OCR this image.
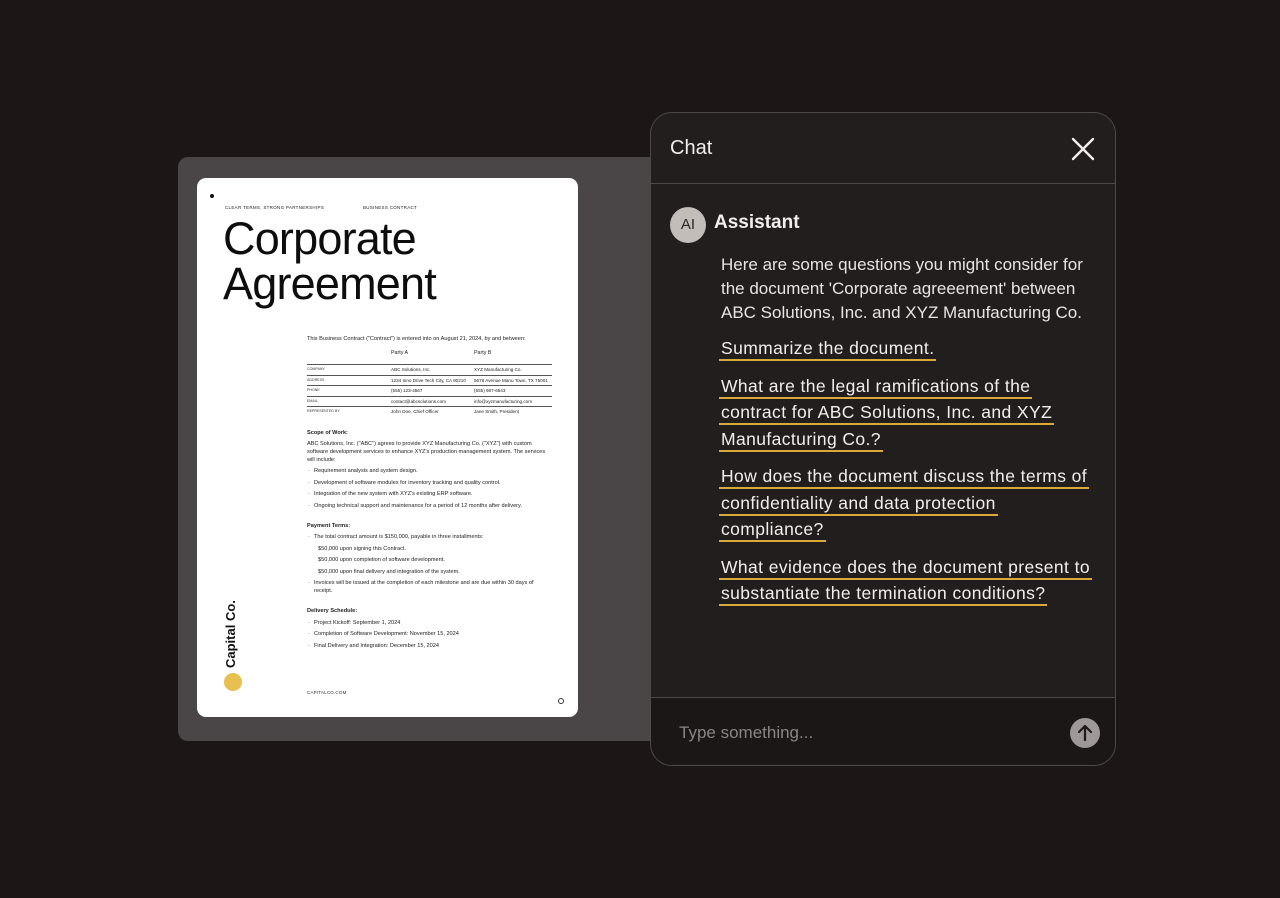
CLEAR TERMS, STRONG PARTNERSHIPS	BUSINESS CONTRACT
Corporate
Agreement

This Business Contract ("Contract") is entered into on August 21, 2024, by and between:

	Party A	Party B
COMPANY	ABC Solutions, Inc.	XYZ Manufacturing Co.
ADDRESS	1234 Inno Drive Tech City, CA 90210	5678 Avenue Manu Town, TX 75001
PHONE	(555) 123-4567	(555) 987-6543
EMAIL	contact@abcsolutions.com	info@xyzmanufacturing.com
REPRESENTED BY	John Doe, Chief Officer	Jane Smith, President
Scope of Work:
ABC Solutions, Inc. ("ABC") agrees to provide XYZ Manufacturing Co. ("XYZ") with custom software development services to enhance XYZ's production management system. The services will include:
· Requirement analysis and system design.
· Development of software modules for inventory tracking and quality control.
· Integration of the new system with XYZ's existing ERP software.
· Ongoing technical support and maintenance for a period of 12 months after delivery.
Payment Terms:
· The total contract amount is $150,000, payable in three installments:
$50,000 upon signing this Contract.
$50,000 upon completion of software development.
$50,000 upon final delivery and integration of the system.
· Invoices will be issued at the completion of each milestone and are due within 30 days of receipt.
Delivery Schedule:
· Project Kickoff: September 1, 2024
· Completion of Software Development: November 15, 2024
· Final Delivery and Integration: December 15, 2024
Capital Co.
CAPITALCO.COM
Chat
AI Assistant
Here are some questions you might consider for the document 'Corporate agreeement' between ABC Solutions, Inc. and XYZ Manufacturing Co.
Summarize the document.
What are the legal ramifications of the contract for ABC Solutions, Inc. and XYZ Manufacturing Co.?
How does the document discuss the terms of confidentiality and data protection compliance?
What evidence does the document present to substantiate the termination conditions?
Type something...
